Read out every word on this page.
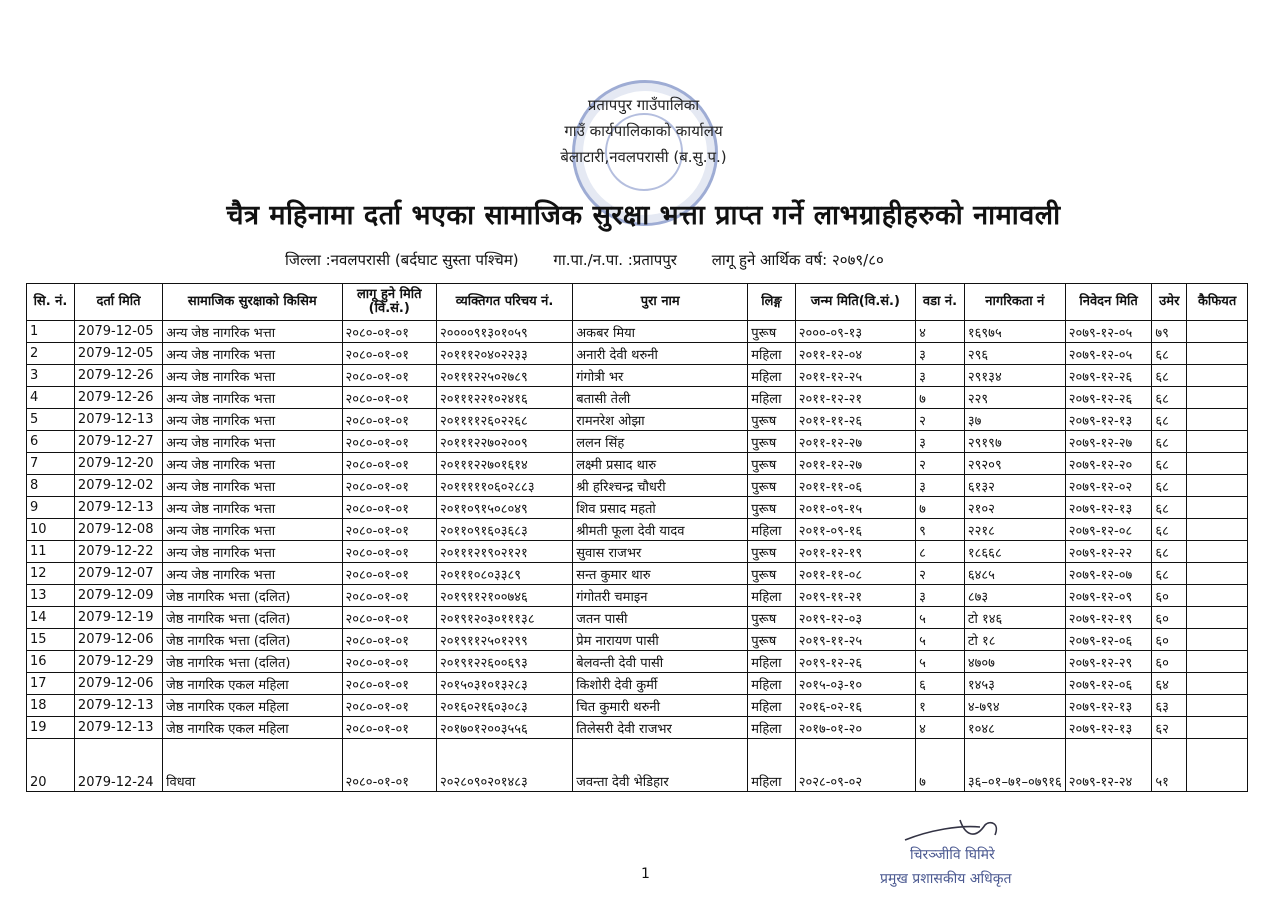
प्रतापपुर गाउँपालिका
गाउँ कार्यपालिकाको कार्यालय
बेलाटारी,नवलपरासी (ब.सु.प.)
चैत्र महिनामा दर्ता भएका सामाजिक सुरक्षा भत्ता प्राप्त गर्ने लाभग्राहीहरुको नामावली
जिल्ला :नवलपरासी (बर्दघाट सुस्ता पश्चिम) गा.पा./न.पा. :प्रतापपुर लागू हुने आर्थिक वर्ष: २०७९/८०
सि. नं.	दर्ता मिति	सामाजिक सुरक्षाको किसिम	लागू हुने मिति (वि.सं.)	व्यक्तिगत परिचय नं.	पुरा नाम	लिङ्ग	जन्म मिति(वि.सं.)	वडा नं.	नागरिकता नं	निवेदन मिति	उमेर	कैफियत
1	2079-12-05	अन्य जेष्ठ नागरिक भत्ता	२०८०-०१-०१	२००००९१३०१०५९	अकबर मिया	पुरूष	२०००-०९-१३	४	१६९७५	२०७९-१२-०५	७९	
2	2079-12-05	अन्य जेष्ठ नागरिक भत्ता	२०८०-०१-०१	२०१११२०४०२२३३	अनारी देवी थरुनी	महिला	२०११-१२-०४	३	२९६	२०७९-१२-०५	६८	
3	2079-12-26	अन्य जेष्ठ नागरिक भत्ता	२०८०-०१-०१	२०१११२२५०२७८९	गंगोत्री भर	महिला	२०११-१२-२५	३	२९१३४	२०७९-१२-२६	६८	
4	2079-12-26	अन्य जेष्ठ नागरिक भत्ता	२०८०-०१-०१	२०१११२२१०२४१६	बतासी तेली	महिला	२०११-१२-२१	७	२२९	२०७९-१२-२६	६८	
5	2079-12-13	अन्य जेष्ठ नागरिक भत्ता	२०८०-०१-०१	२०११११२६०२२६८	रामनरेश ओझा	पुरूष	२०११-११-२६	२	३७	२०७९-१२-१३	६८	
6	2079-12-27	अन्य जेष्ठ नागरिक भत्ता	२०८०-०१-०१	२०१११२२७०२००९	ललन सिंह	पुरूष	२०११-१२-२७	३	२९१९७	२०७९-१२-२७	६८	
7	2079-12-20	अन्य जेष्ठ नागरिक भत्ता	२०८०-०१-०१	२०१११२२७०१६१४	लक्ष्मी प्रसाद थारु	पुरूष	२०११-१२-२७	२	२९२०९	२०७९-१२-२०	६८	
8	2079-12-02	अन्य जेष्ठ नागरिक भत्ता	२०८०-०१-०१	२०१११११०६०२८८३	श्री हरिश्चन्द्र चौधरी	पुरूष	२०११-११-०६	३	६१३२	२०७९-१२-०२	६८	
9	2079-12-13	अन्य जेष्ठ नागरिक भत्ता	२०८०-०१-०१	२०११०९१५०८०४९	शिव प्रसाद महतो	पुरूष	२०११-०९-१५	७	२१०२	२०७९-१२-१३	६८	
10	2079-12-08	अन्य जेष्ठ नागरिक भत्ता	२०८०-०१-०१	२०११०९१६०३६८३	श्रीमती फूला देवी यादव	महिला	२०११-०९-१६	९	२२१८	२०७९-१२-०८	६८	
11	2079-12-22	अन्य जेष्ठ नागरिक भत्ता	२०८०-०१-०१	२०१११२१९०२१२१	सुवास राजभर	पुरूष	२०११-१२-१९	८	१८६६८	२०७९-१२-२२	६८	
12	2079-12-07	अन्य जेष्ठ नागरिक भत्ता	२०८०-०१-०१	२०१११०८०३३८९	सन्त कुमार थारु	पुरूष	२०११-११-०८	२	६४८५	२०७९-१२-०७	६८	
13	2079-12-09	जेष्ठ नागरिक भत्ता (दलित)	२०८०-०१-०१	२०१९११२१००७४६	गंगोतरी चमाइन	महिला	२०१९-११-२१	३	८७३	२०७९-१२-०९	६०	
14	2079-12-19	जेष्ठ नागरिक भत्ता (दलित)	२०८०-०१-०१	२०१९१२०३०१११३८	जतन पासी	पुरूष	२०१९-१२-०३	५	टो १४६	२०७९-१२-१९	६०	
15	2079-12-06	जेष्ठ नागरिक भत्ता (दलित)	२०८०-०१-०१	२०१९११२५०१२९९	प्रेम नारायण पासी	पुरूष	२०१९-११-२५	५	टो १८	२०७९-१२-०६	६०	
16	2079-12-29	जेष्ठ नागरिक भत्ता (दलित)	२०८०-०१-०१	२०१९१२२६००६९३	बेलवन्ती देवी पासी	महिला	२०१९-१२-२६	५	४७०७	२०७९-१२-२९	६०	
17	2079-12-06	जेष्ठ नागरिक एकल महिला	२०८०-०१-०१	२०१५०३१०१३२८३	किशोरी देवी कुर्मी	महिला	२०१५-०३-१०	६	१४५३	२०७९-१२-०६	६४	
18	2079-12-13	जेष्ठ नागरिक एकल महिला	२०८०-०१-०१	२०१६०२१६०३०८३	चित कुमारी थरुनी	महिला	२०१६-०२-१६	१	४-७९४	२०७९-१२-१३	६३	
19	2079-12-13	जेष्ठ नागरिक एकल महिला	२०८०-०१-०१	२०१७०१२००३५५६	तिलेसरी देवी राजभर	महिला	२०१७-०१-२०	४	१०४८	२०७९-१२-१३	६२	
20	2079-12-24	विधवा	२०८०-०१-०१	२०२८०९०२०१४८३	जवन्ता देवी भेडिहार	महिला	२०२८-०९-०२	७	३६–०१–७१–०७९१६	२०७९-१२-२४	५१	
1
चिरञ्जीवि घिमिरे
प्रमुख प्रशासकीय अधिकृत
